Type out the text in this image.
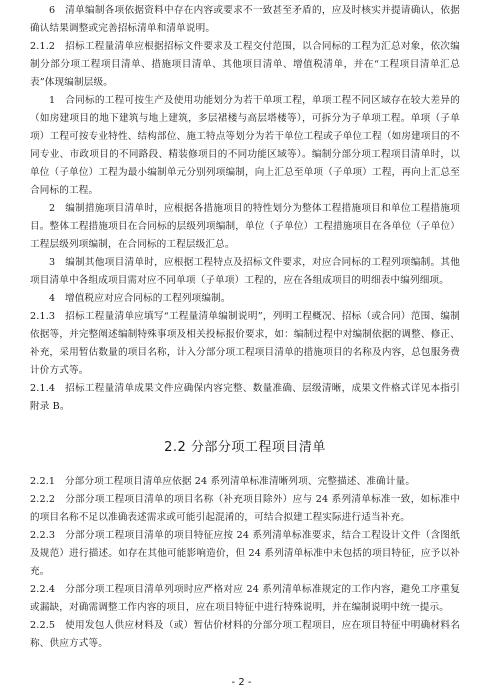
6　清单编制各项依据资料中存在内容或要求不一致甚至矛盾的，应及时核实并提请确认，依据确认结果调整或完善招标清单和清单说明。

2.1.2　招标工程量清单应根据招标文件要求及工程交付范围，以合同标的工程为汇总对象，依次编制分部分项工程项目清单、措施项目清单、其他项目清单、增值税清单，并在“工程项目清单汇总表”体现编制层级。

1　合同标的工程可按生产及使用功能划分为若干单项工程，单项工程不同区域存在较大差异的（如房建项目的地下建筑与地上建筑，多层裙楼与高层塔楼等），可拆分为子单项工程。单项（子单项）工程可按专业特性、结构部位、施工特点等划分为若干单位工程或子单位工程（如房建项目的不同专业、市政项目的不同路段、精装修项目的不同功能区域等）。编制分部分项工程项目清单时，以单位（子单位）工程为最小编制单元分别列项编制，向上汇总至单项（子单项）工程，再向上汇总至合同标的工程。

2　编制措施项目清单时，应根据各措施项目的特性划分为整体工程措施项目和单位工程措施项目。整体工程措施项目在合同标的层级列项编制，单位（子单位）工程措施项目在各单位（子单位）工程层级列项编制，在合同标的工程层级汇总。

3　编制其他项目清单时，应根据工程特点及招标文件要求，对应合同标的工程列项编制。其他项目清单中各组成项目需对应不同单项（子单项）工程的，应在各组成项目的明细表中编列细项。

4　增值税应对应合同标的工程列项编制。

2.1.3　招标工程量清单应填写“工程量清单编制说明”，列明工程概况、招标（或合同）范围、编制依据等，并完整阐述编制特殊事项及相关投标报价要求，如：编制过程中对编制依据的调整、修正、补充，采用暂估数量的项目名称，计入分部分项工程项目清单的措施项目的名称及内容，总包服务费计价方式等。

2.1.4　招标工程量清单成果文件应确保内容完整、数量准确、层级清晰，成果文件格式详见本指引附录 B。

2.2 分部分项工程项目清单

2.2.1　分部分项工程项目清单应依据 24 系列清单标准清晰列项、完整描述、准确计量。

2.2.2　分部分项工程项目清单的项目名称（补充项目除外）应与 24 系列清单标准一致，如标准中的项目名称不足以准确表述需求或可能引起混淆的，可结合拟建工程实际进行适当补充。

2.2.3　分部分项工程项目清单的项目特征应按 24 系列清单标准要求，结合工程设计文件（含图纸及规范）进行描述。如存在其他可能影响造价，但 24 系列清单标准中未包括的项目特征，应予以补充。

2.2.4　分部分项工程项目清单列项时应严格对应 24 系列清单标准规定的工作内容，避免工序重复或漏缺，对确需调整工作内容的项目，应在项目特征中进行特殊说明，并在编制说明中统一提示。

2.2.5　使用发包人供应材料及（或）暂估价材料的分部分项工程项目，应在项目特征中明确材料名称、供应方式等。

- 2 -
